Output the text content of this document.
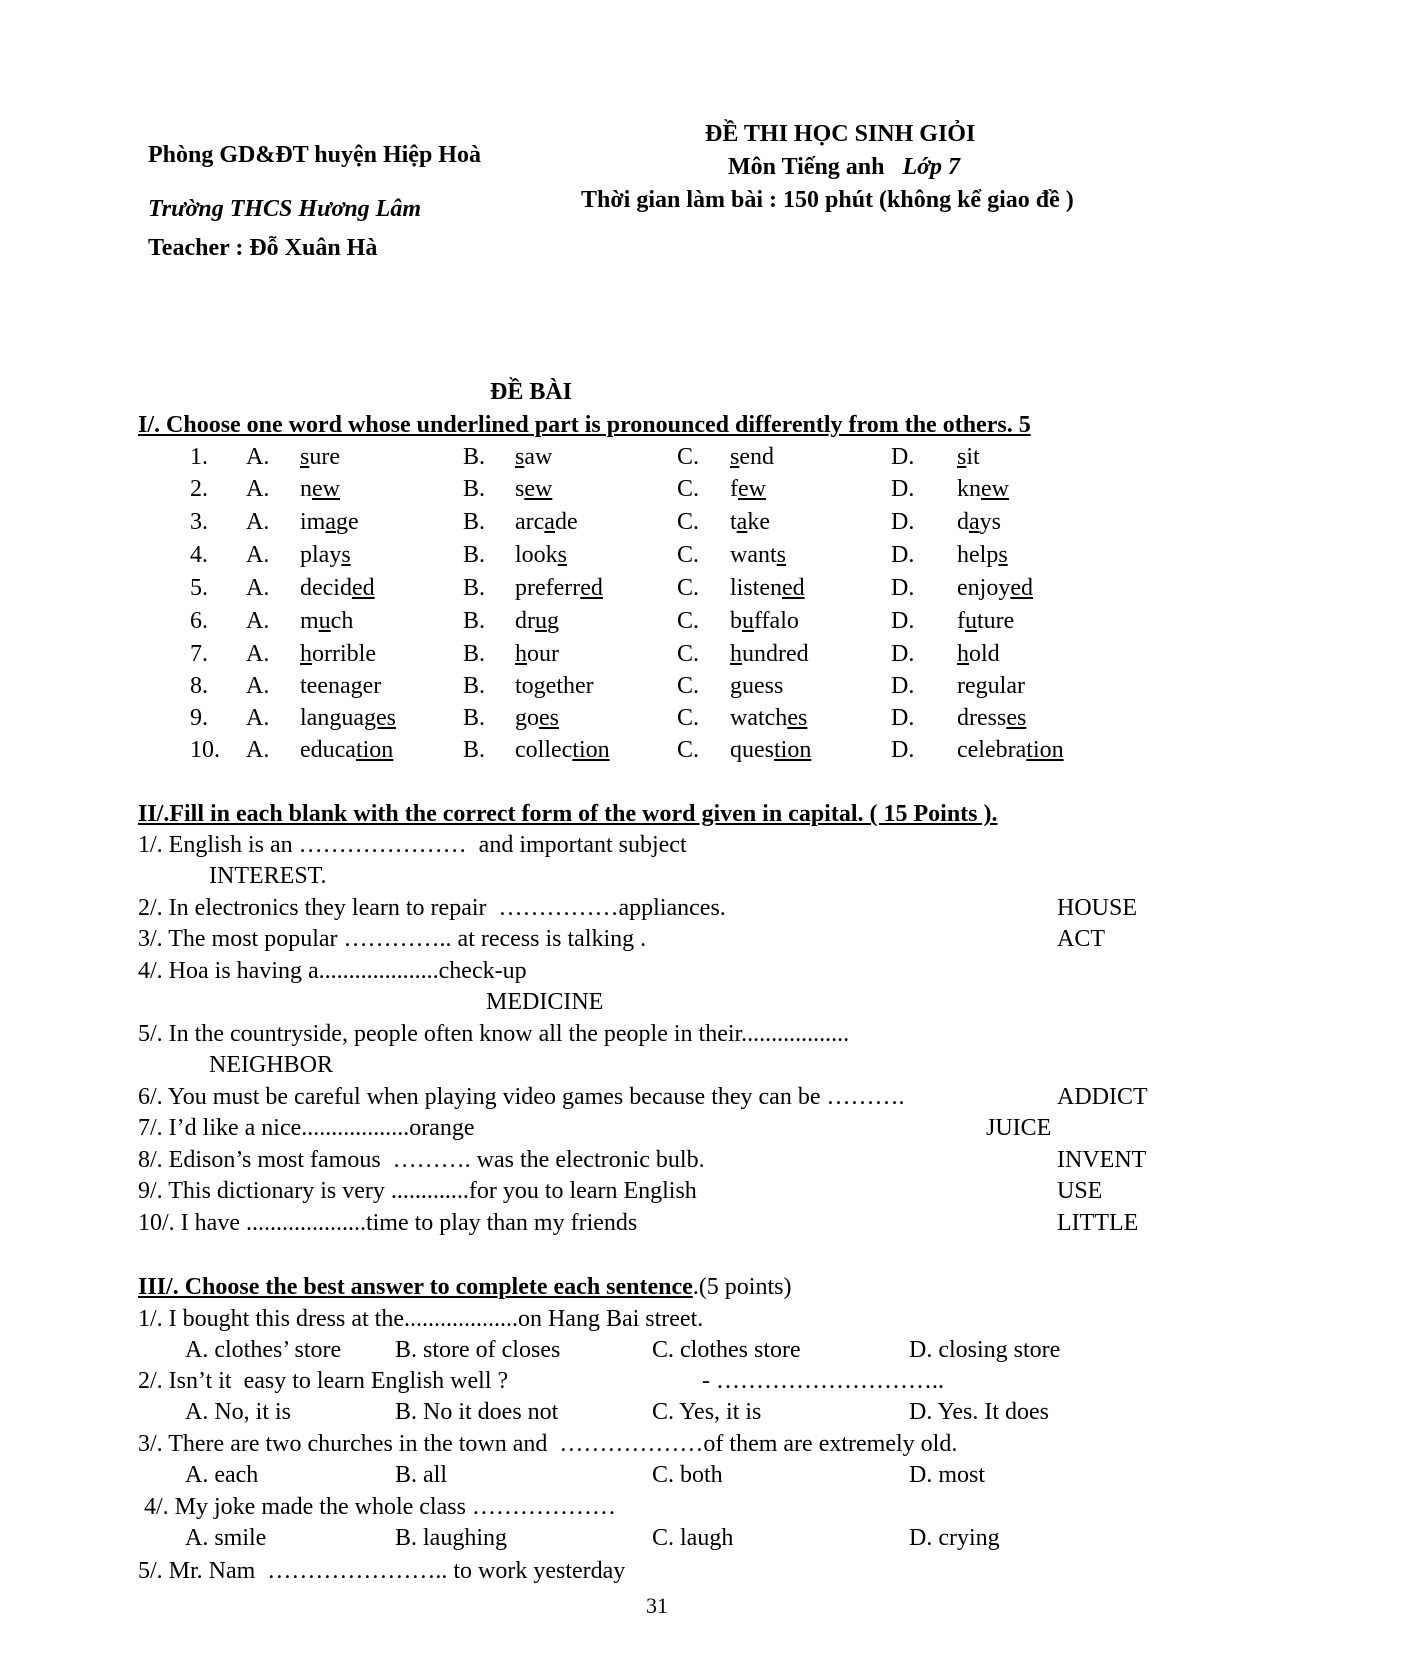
Phòng GD&ĐT huyện Hiệp Hoà
Trường THCS Hương Lâm
Teacher : Đỗ Xuân Hà
ĐỀ THI HỌC SINH GIỎI
Môn Tiếng anh Lớp 7
Thời gian làm bài : 150 phút (không kể giao đề )
ĐỀ BÀI
I/. Choose one word whose underlined part is pronounced differently from the others. 5
1. A. sure	B. saw	C. send	D. sit
2. A. new	B. sew	C. few	D. knew
3. A. image	B. arcade	C. take	D. days
4. A. plays	B. looks	C. wants	D. helps
5. A. decided	B. preferred	C. listened	D. enjoyed
6. A. much	B. drug	C. buffalo	D. future
7. A. horrible	B. hour	C. hundred	D. hold
8. A. teenager	B. together	C. guess	D. regular
9. A. languages	B. goes	C. watches	D. dresses
10. A. education	B. collection	C. question	D. celebration
II/.Fill in each blank with the correct form of the word given in capital. ( 15 Points ).
1/. English is an …………………  and important subject
INTEREST.
2/. In electronics they learn to repair  ……………appliances.	HOUSE
3/. The most popular ………….. at recess is talking .	ACT
4/. Hoa is having a....................check-up
MEDICINE
5/. In the countryside, people often know all the people in their..................
NEIGHBOR
6/. You must be careful when playing video games because they can be ……….	ADDICT
7/. I’d like a nice..................orange	JUICE
8/. Edison’s most famous  ………. was the electronic bulb.	INVENT
9/. This dictionary is very .............for you to learn English	USE
10/. I have ....................time to play than my friends	LITTLE
III/. Choose the best answer to complete each sentence.(5 points)
1/. I bought this dress at the...................on Hang Bai street.
A. clothes’ store B. store of closes	C. clothes store	D. closing store
2/. Isn’t it  easy to learn English well ?	- ………………………..
A. No, it is	B. No it does not	C. Yes, it is	D. Yes. It does
3/. There are two churches in the town and  ………………of them are extremely old.
A. each	B. all	C. both	D. most
4/. My joke made the whole class ………………
A. smile	B. laughing	C. laugh	D. crying
5/. Mr. Nam  ………………….. to work yesterday
31
